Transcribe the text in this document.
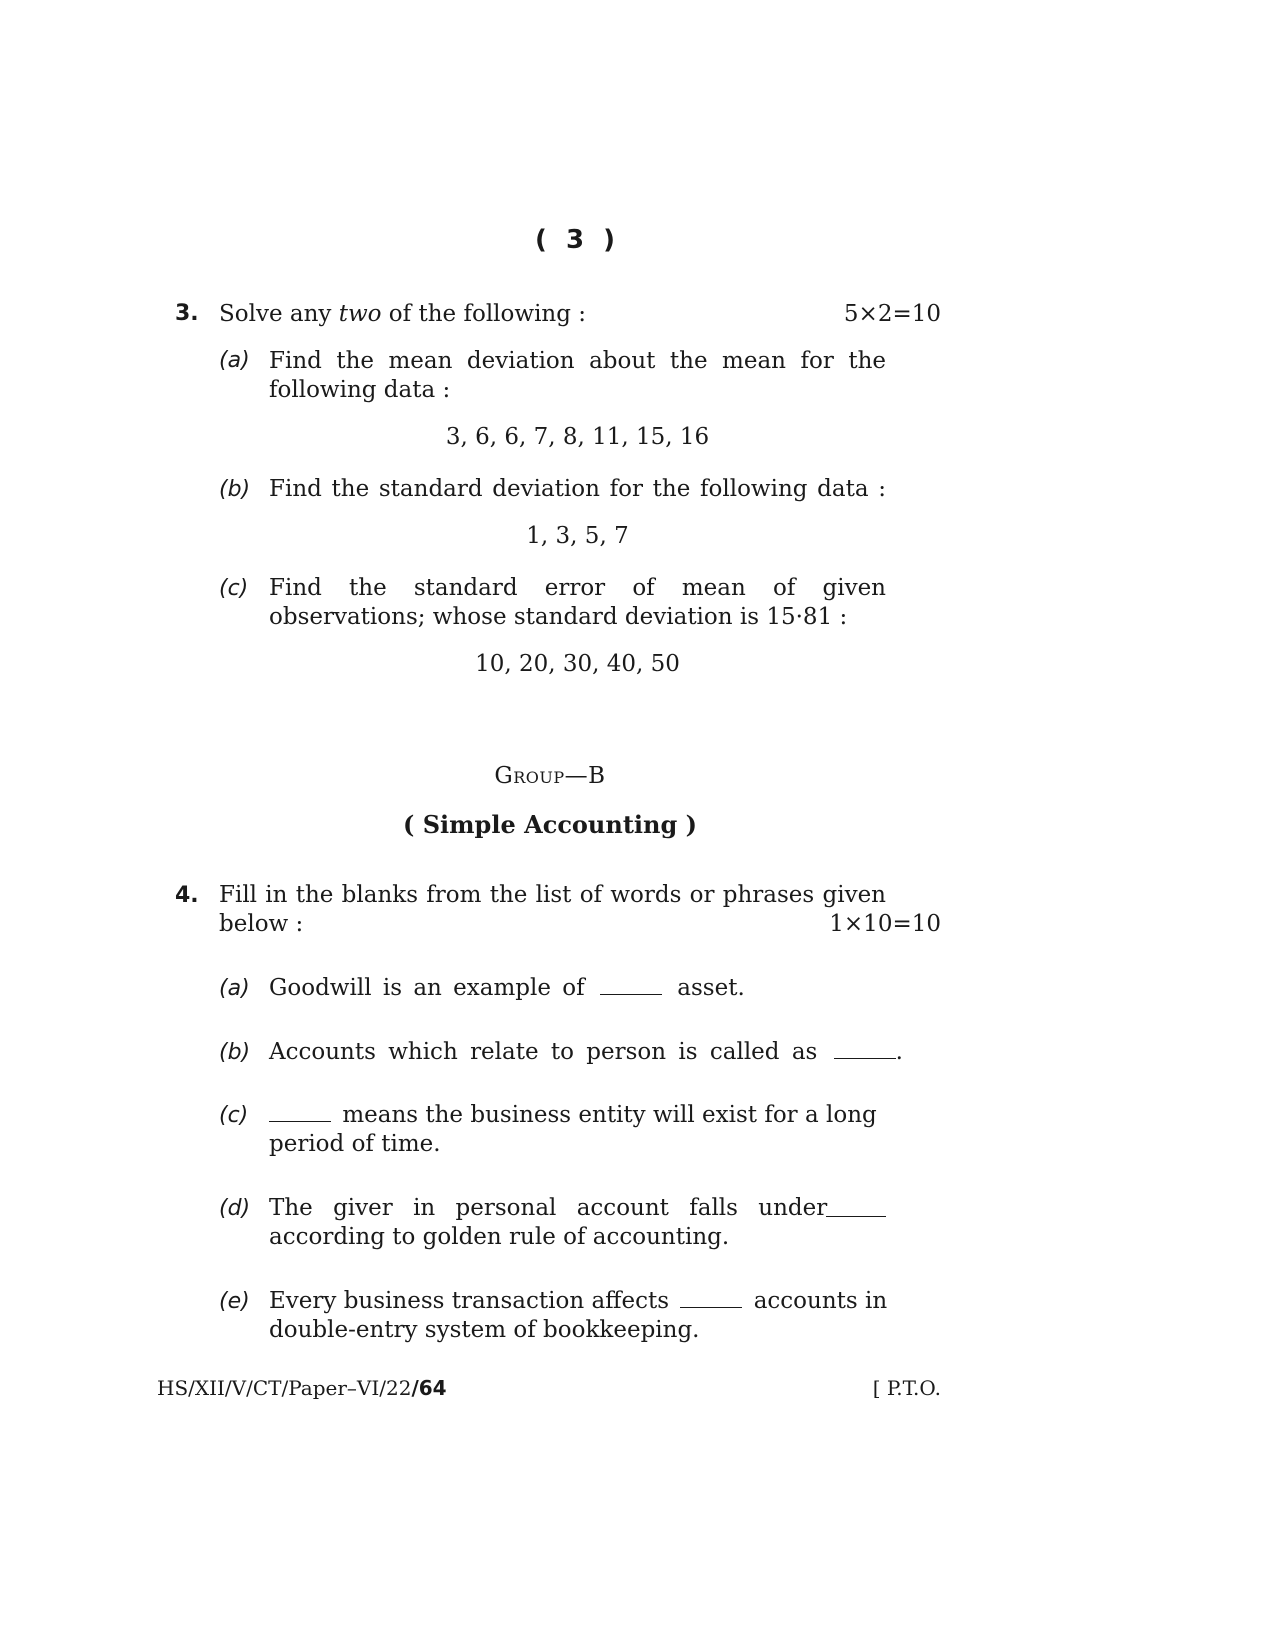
( 3 )
3. Solve any two of the following :	5×2=10
(a) Find the mean deviation about the mean for the
following data :
3, 6, 6, 7, 8, 11, 15, 16
(b) Find the standard deviation for the following data :
1, 3, 5, 7
(c) Find the standard error of mean of given
observations; whose standard deviation is 15·81 :
10, 20, 30, 40, 50
Group—B
( Simple Accounting )
4. Fill in the blanks from the list of words or phrases given
below :	1×10=10
(a) Goodwill is an example of	asset.
(b) Accounts which relate to person is called as	.
(c)	means the business entity will exist for a long
period of time.
(d) The giver in personal account falls under
according to golden rule of accounting.
(e) Every business transaction affects	accounts in
double-entry system of bookkeeping.
HS/XII/V/CT/Paper–VI/22/64	[ P.T.O.
